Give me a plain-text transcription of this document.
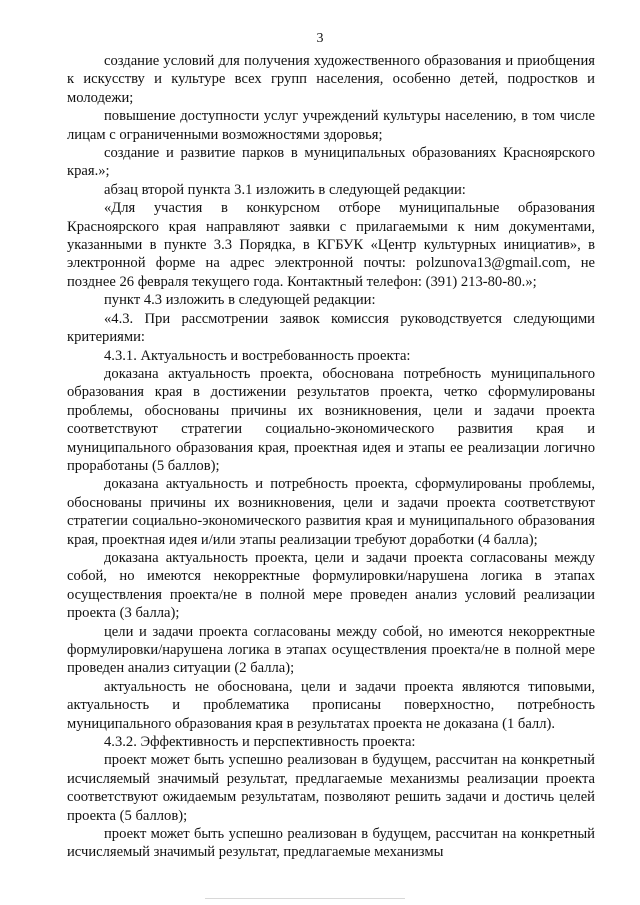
3

создание условий для получения художественного образования и приобщения к искусству и культуре всех групп населения, особенно детей, подростков и молодежи;

повышение доступности услуг учреждений культуры населению, в том числе лицам с ограниченными возможностями здоровья;

создание и развитие парков в муниципальных образованиях Красноярского края.»;

абзац второй пункта 3.1 изложить в следующей редакции:

«Для участия в конкурсном отборе муниципальные образования Красноярского края направляют заявки с прилагаемыми к ним документами, указанными в пункте 3.3 Порядка, в КГБУК «Центр культурных инициатив», в электронной форме на адрес электронной почты: polzunova13@gmail.com, не позднее 26 февраля текущего года. Контактный телефон: (391) 213-80-80.»;

пункт 4.3 изложить в следующей редакции:

«4.3. При рассмотрении заявок комиссия руководствуется следующими критериями:

4.3.1. Актуальность и востребованность проекта:

доказана актуальность проекта, обоснована потребность муниципального образования края в достижении результатов проекта, четко сформулированы проблемы, обоснованы причины их возникновения, цели и задачи проекта соответствуют стратегии социально-экономического развития края и муниципального образования края, проектная идея и этапы ее реализации логично проработаны (5 баллов);

доказана актуальность и потребность проекта, сформулированы проблемы, обоснованы причины их возникновения, цели и задачи проекта соответствуют стратегии социально-экономического развития края и муниципального образования края, проектная идея и/или этапы реализации требуют доработки (4 балла);

доказана актуальность проекта, цели и задачи проекта согласованы между собой, но имеются некорректные формулировки/нарушена логика в этапах осуществления проекта/не в полной мере проведен анализ условий реализации проекта (3 балла);

цели и задачи проекта согласованы между собой, но имеются некорректные формулировки/нарушена логика в этапах осуществления проекта/не в полной мере проведен анализ ситуации (2 балла);

актуальность не обоснована, цели и задачи проекта являются типовыми, актуальность и проблематика прописаны поверхностно, потребность муниципального образования края в результатах проекта не доказана (1 балл).

4.3.2. Эффективность и перспективность проекта:

проект может быть успешно реализован в будущем, рассчитан на конкретный исчисляемый значимый результат, предлагаемые механизмы реализации проекта соответствуют ожидаемым результатам, позволяют решить задачи и достичь целей проекта (5 баллов);

проект может быть успешно реализован в будущем, рассчитан на конкретный исчисляемый значимый результат, предлагаемые механизмы
